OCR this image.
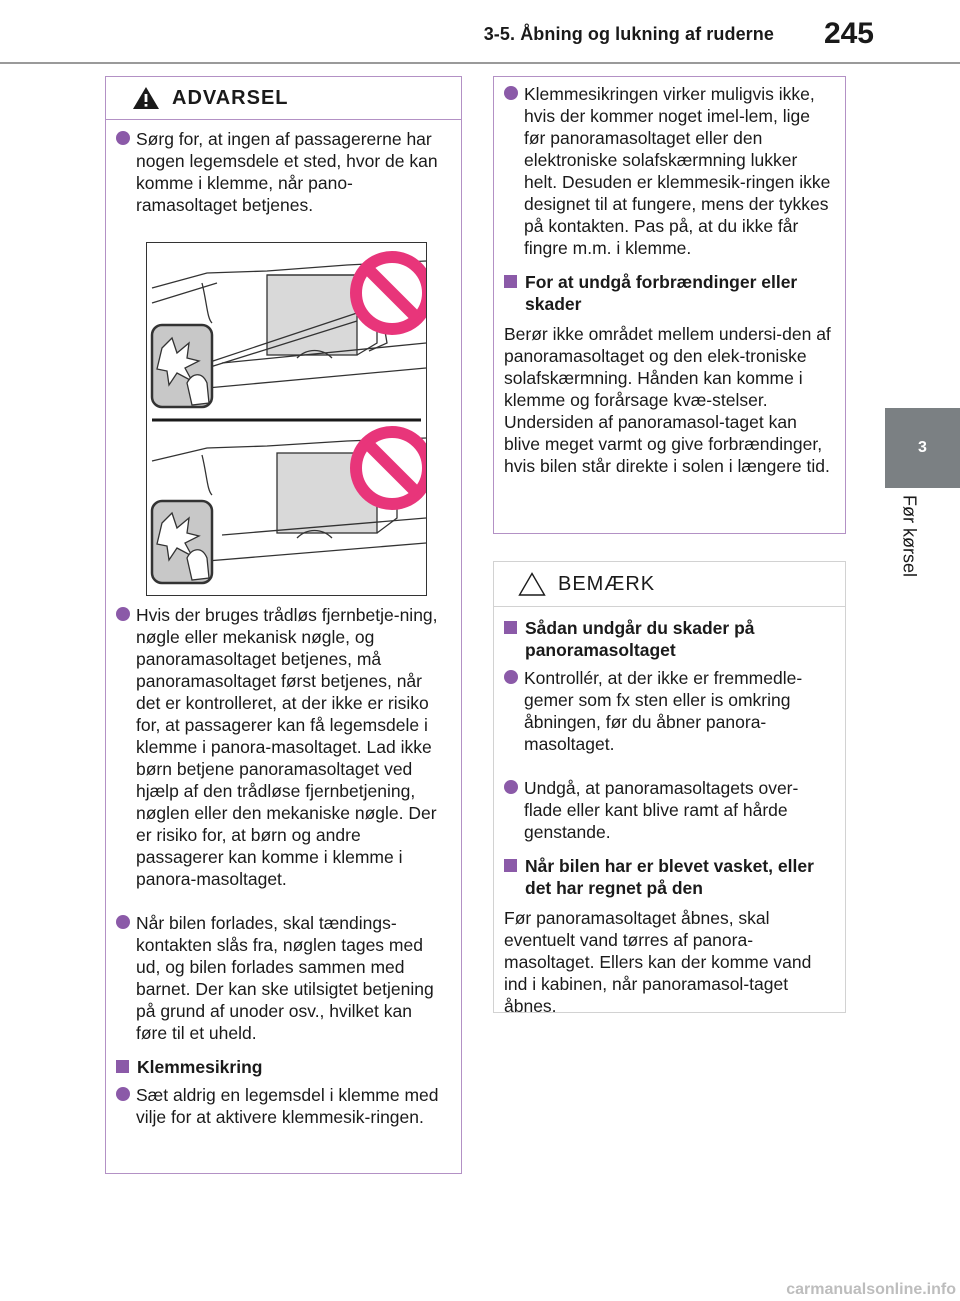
3-5. Åbning og lukning af ruderne 245
3
Før kørsel
ADVARSEL
Sørg for, at ingen af passagererne har nogen legemsdele et sted, hvor de kan komme i klemme, når pano-ramasoltaget betjenes.
Hvis der bruges trådløs fjernbetje-ning, nøgle eller mekanisk nøgle, og panoramasoltaget betjenes, må panoramasoltaget først betjenes, når det er kontrolleret, at der ikke er risiko for, at passagerer kan få legemsdele i klemme i panora-masoltaget. Lad ikke børn betjene panoramasoltaget ved hjælp af den trådløse fjernbetjening, nøglen eller den mekaniske nøgle. Der er risiko for, at børn og andre passagerer kan komme i klemme i panora-masoltaget.
Når bilen forlades, skal tændings-kontakten slås fra, nøglen tages med ud, og bilen forlades sammen med barnet. Der kan ske utilsigtet betjening på grund af unoder osv., hvilket kan føre til et uheld.
Klemmesikring
Sæt aldrig en legemsdel i klemme med vilje for at aktivere klemmesik-ringen.
Klemmesikringen virker muligvis ikke, hvis der kommer noget imel-lem, lige før panoramasoltaget eller den elektroniske solafskærmning lukker helt. Desuden er klemmesik-ringen ikke designet til at fungere, mens der tykkes på kontakten. Pas på, at du ikke får fingre m.m. i klemme.
For at undgå forbrændinger eller skader
Berør ikke området mellem undersi-den af panoramasoltaget og den elek-troniske solafskærmning. Hånden kan komme i klemme og forårsage kvæ-stelser. Undersiden af panoramasol-taget kan blive meget varmt og give forbrændinger, hvis bilen står direkte i solen i længere tid.
BEMÆRK
Sådan undgår du skader på panoramasoltaget
Kontrollér, at der ikke er fremmedle-gemer som fx sten eller is omkring åbningen, før du åbner panora-masoltaget.
Undgå, at panoramasoltagets over-flade eller kant blive ramt af hårde genstande.
Når bilen har er blevet vasket, eller det har regnet på den
Før panoramasoltaget åbnes, skal eventuelt vand tørres af panora-masoltaget. Ellers kan der komme vand ind i kabinen, når panoramasol-taget åbnes.
carmanualsonline.info
